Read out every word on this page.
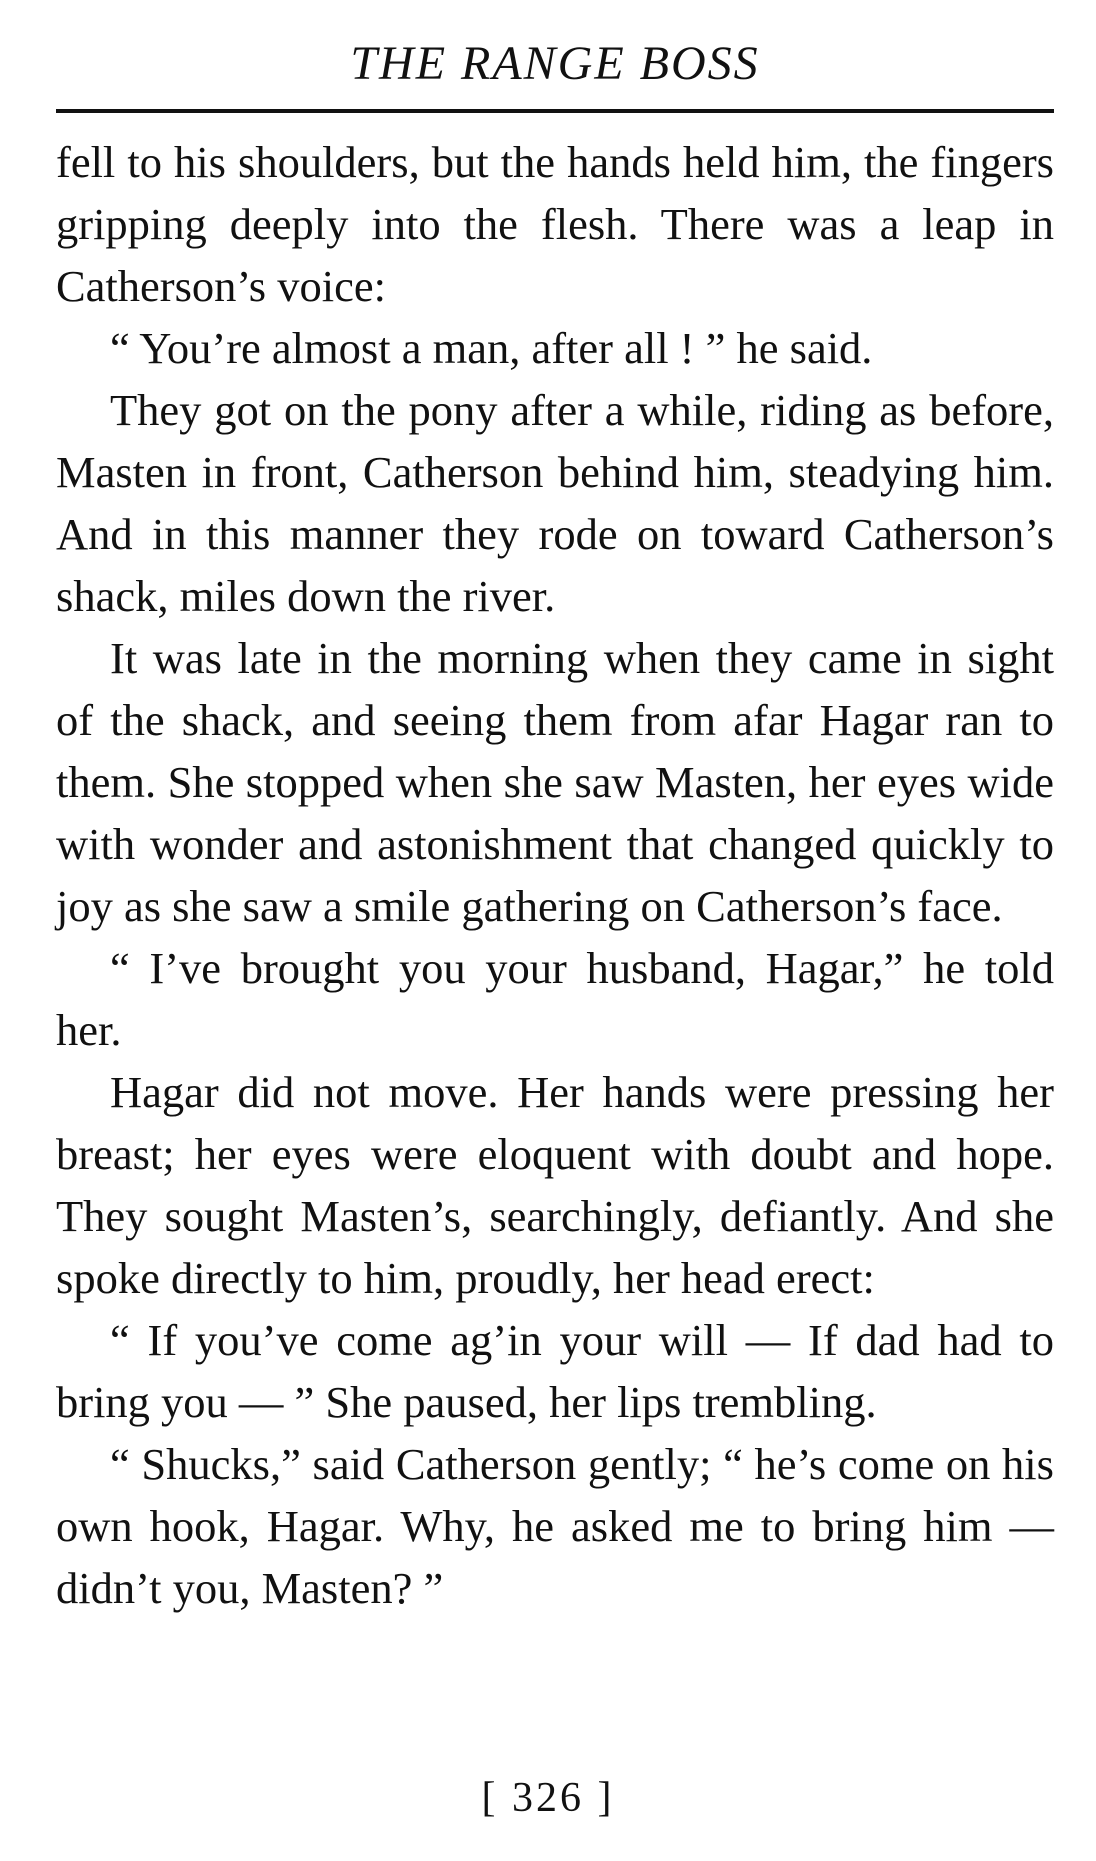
THE RANGE BOSS

fell to his shoulders, but the hands held him, the fingers gripping deeply into the flesh. There was a leap in Catherson’s voice:

“ You’re almost a man, after all ! ” he said.

They got on the pony after a while, riding as before, Masten in front, Catherson behind him, steadying him. And in this manner they rode on toward Catherson’s shack, miles down the river.

It was late in the morning when they came in sight of the shack, and seeing them from afar Hagar ran to them. She stopped when she saw Masten, her eyes wide with wonder and astonishment that changed quickly to joy as she saw a smile gathering on Catherson’s face.

“ I’ve brought you your husband, Hagar,” he told her.

Hagar did not move. Her hands were pressing her breast; her eyes were eloquent with doubt and hope. They sought Masten’s, searchingly, defiantly. And she spoke directly to him, proudly, her head erect:

“ If you’ve come ag’in your will — If dad had to bring you — ” She paused, her lips trembling.

“ Shucks,” said Catherson gently; “ he’s come on his own hook, Hagar. Why, he asked me to bring him — didn’t you, Masten? ”

[ 326 ]
